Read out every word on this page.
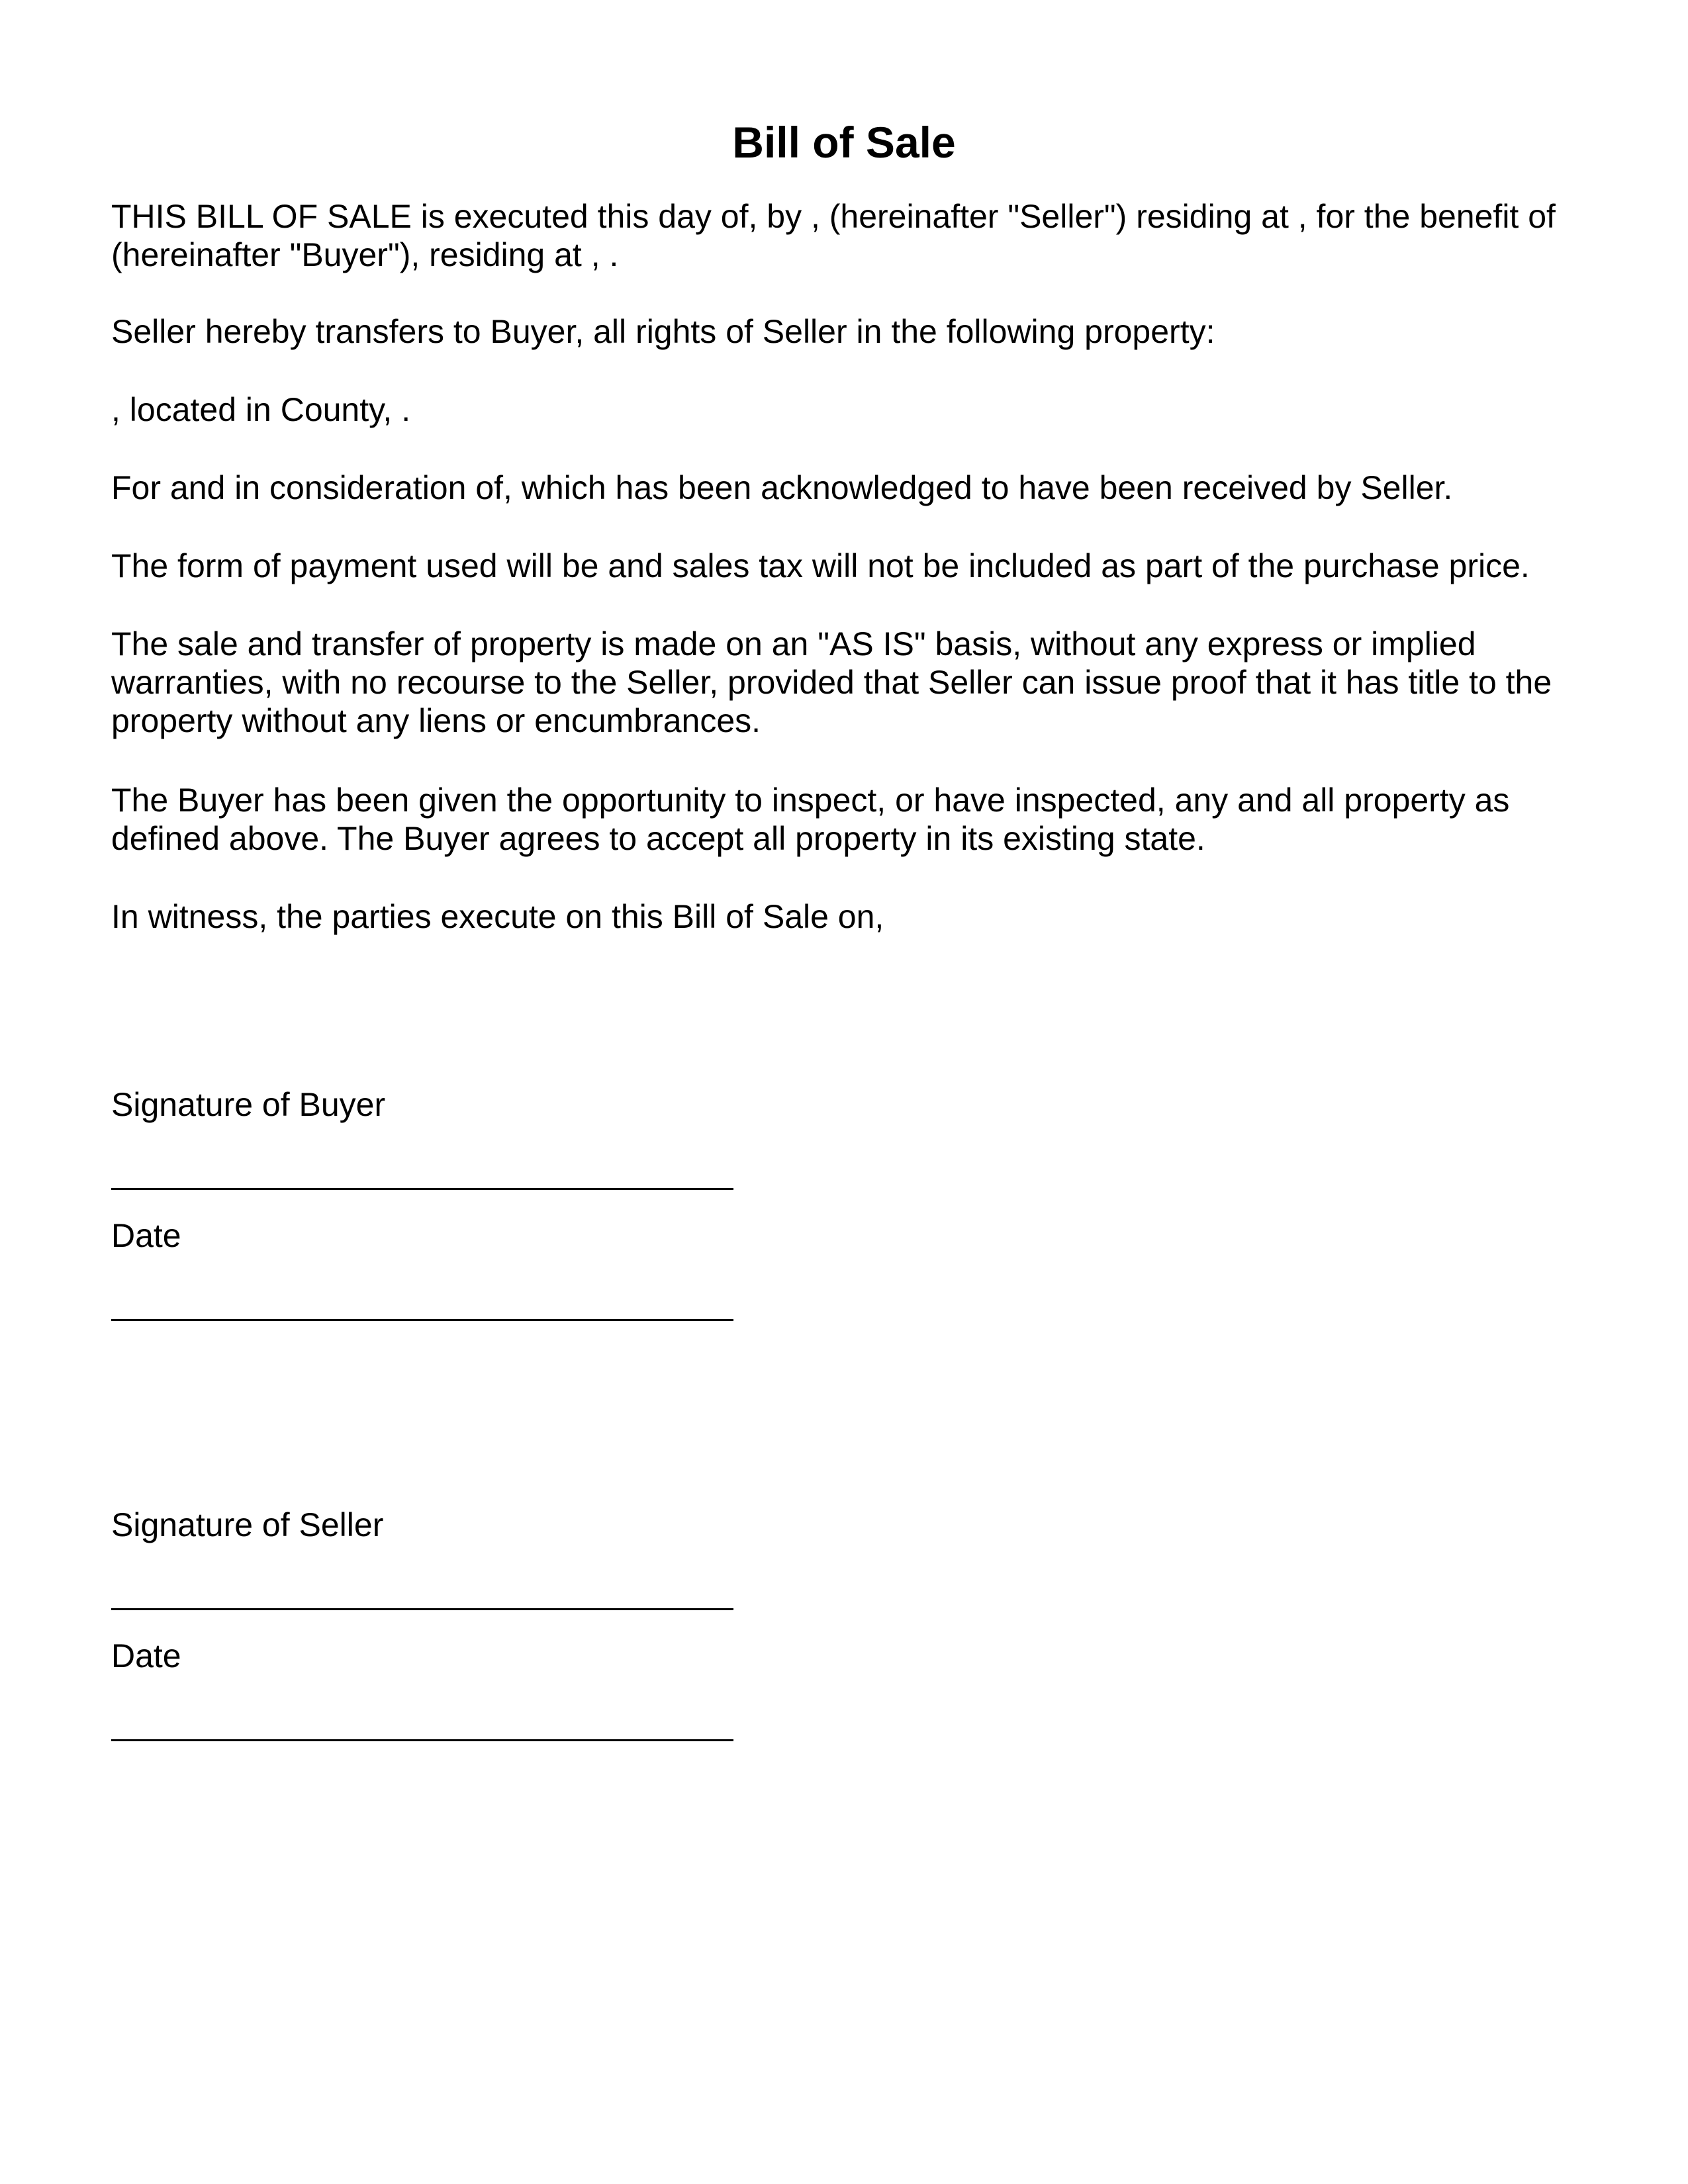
Bill of Sale

THIS BILL OF SALE is executed this day of, by , (hereinafter "Seller") residing at , for the benefit of (hereinafter "Buyer"), residing at , .

Seller hereby transfers to Buyer, all rights of Seller in the following property:

, located in County, .

For and in consideration of, which has been acknowledged to have been received by Seller.

The form of payment used will be and sales tax will not be included as part of the purchase price.

The sale and transfer of property is made on an "AS IS" basis, without any express or implied warranties, with no recourse to the Seller, provided that Seller can issue proof that it has title to the property without any liens or encumbrances.

The Buyer has been given the opportunity to inspect, or have inspected, any and all property as defined above. The Buyer agrees to accept all property in its existing state.

In witness, the parties execute on this Bill of Sale on,

Signature of Buyer

Date

Signature of Seller

Date
